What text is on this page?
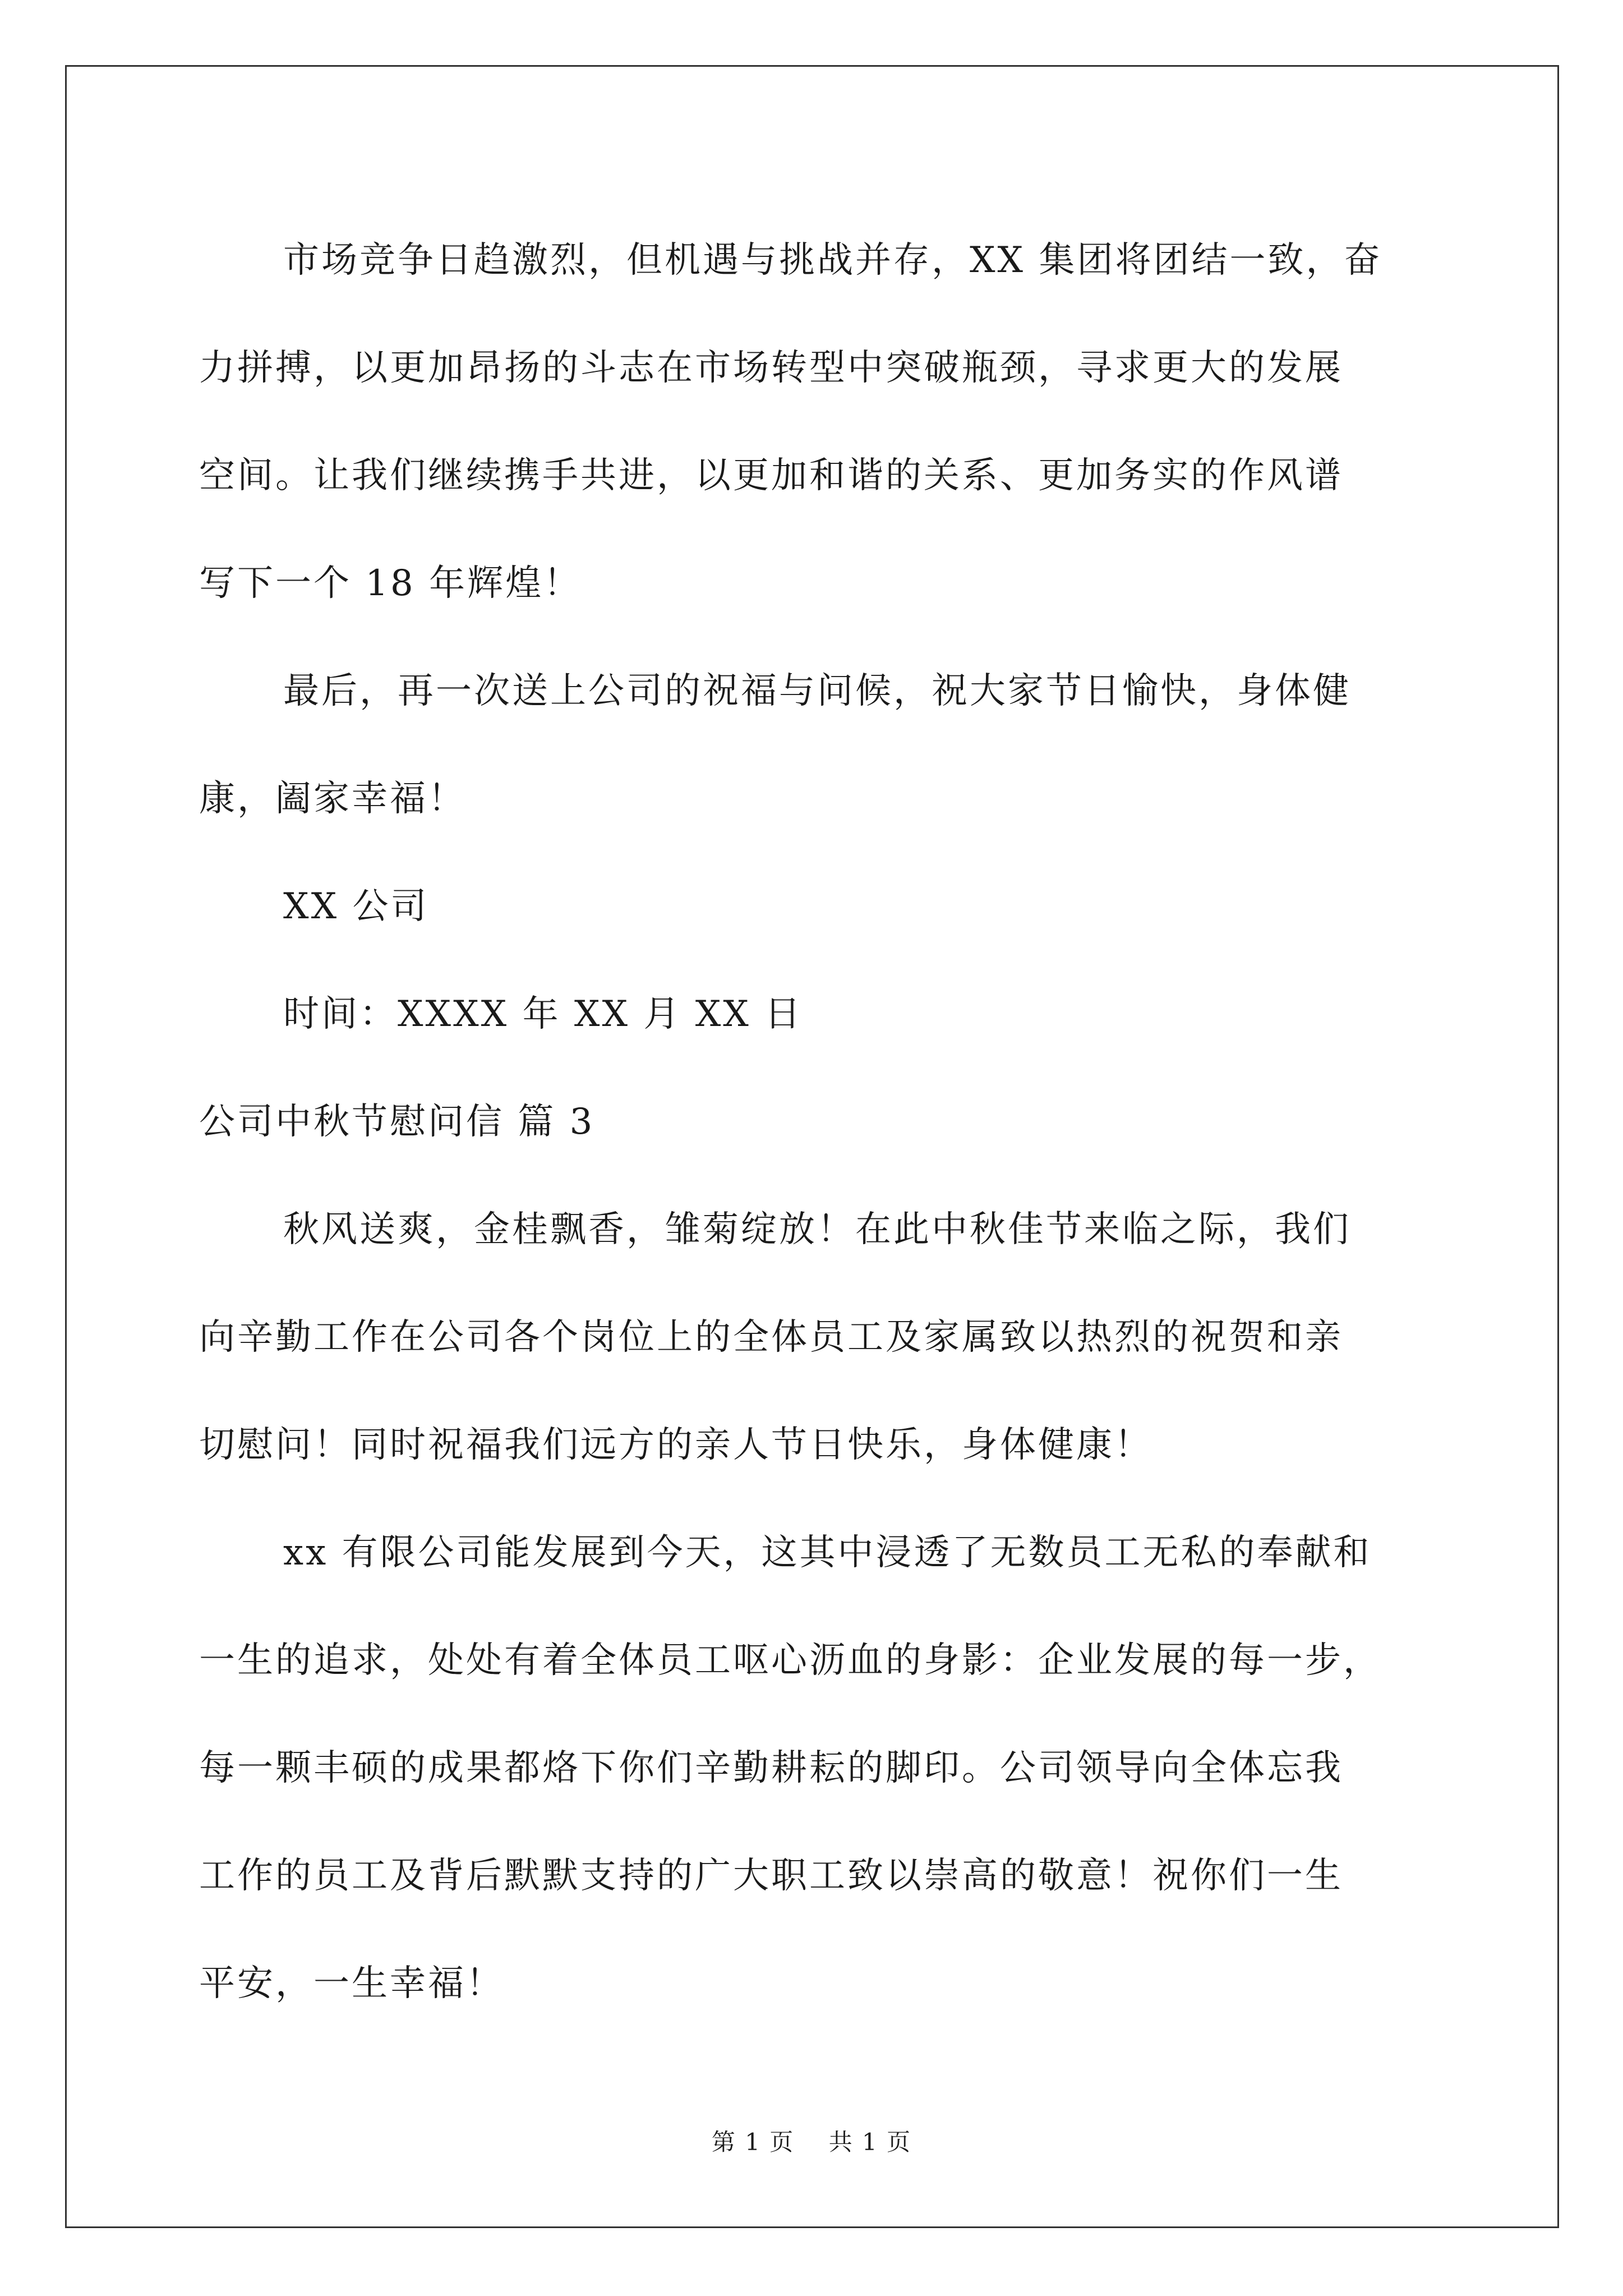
市场竞争日趋激烈，但机遇与挑战并存，XX 集团将团结一致，奋

力拼搏，以更加昂扬的斗志在市场转型中突破瓶颈，寻求更大的发展

空间。让我们继续携手共进，以更加和谐的关系、更加务实的作风谱

写下一个 18 年辉煌！

最后，再一次送上公司的祝福与问候，祝大家节日愉快，身体健

康，阖家幸福！

XX 公司

时间：XXXX 年 XX 月 XX 日

公司中秋节慰问信 篇 3

秋风送爽，金桂飘香，雏菊绽放！在此中秋佳节来临之际，我们

向辛勤工作在公司各个岗位上的全体员工及家属致以热烈的祝贺和亲

切慰问！同时祝福我们远方的亲人节日快乐，身体健康！

xx 有限公司能发展到今天，这其中浸透了无数员工无私的奉献和

一生的追求，处处有着全体员工呕心沥血的身影：企业发展的每一步，

每一颗丰硕的成果都烙下你们辛勤耕耘的脚印。公司领导向全体忘我

工作的员工及背后默默支持的广大职工致以崇高的敬意！祝你们一生

平安，一生幸福！

第 1 页    共 1 页
